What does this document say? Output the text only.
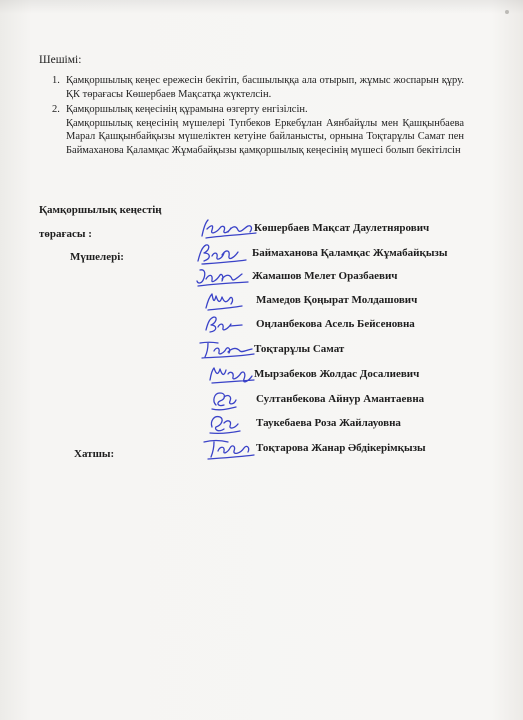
Шешімі:
1. Қамқоршылық кеңес ережесін бекітіп, басшылыққа ала отырып, жұмыс жоспарын құру. ҚК төрағасы Көшербаев Мақсатқа жүктелсін.
2. Қамқоршылық кеңесінің құрамына өзгерту енгізілсін.
Қамқоршылық кеңесінің мүшелері Тупбеков Еркебұлан Аянбайұлы мен Қашқынбаева Марал Қашқынбайқызы мүшеліктен кетуіне байланысты, орнына Тоқтарұлы Самат пен Баймаханова Қаламқас Жұмабайқызы қамқоршылық кеңесінің мүшесі болып бекітілсін
Қамқоршылық кеңестің
төрағасы :
Мүшелері:
Хатшы:
Көшербаев Мақсат Даулетнярович
Баймаханова Қаламқас Жұмабайқызы
Жамашов Мелет Оразбаевич
Мамедов Қоңырат Молдашович
Оңланбекова Асель Бейсеновна
Тоқтарұлы Самат
Мырзабеков Жолдас Досалиевич
Султанбекова Айнур Амантаевна
Таукебаева Роза Жайлауовна
Тоқтарова Жанар Әбдікерімқызы
